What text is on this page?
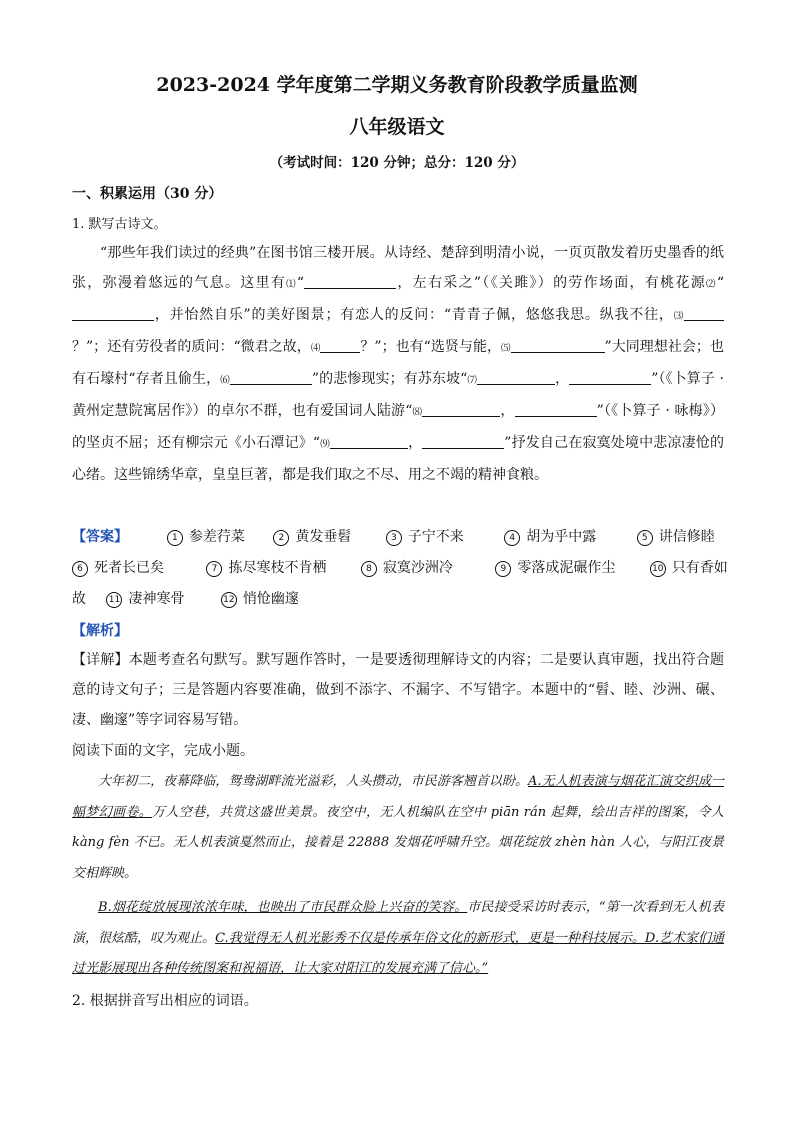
2023-2024 学年度第二学期义务教育阶段教学质量监测
八年级语文
（考试时间：120 分钟；总分：120 分）
一、积累运用（30 分）
1. 默写古诗文。
“那些年我们读过的经典”在图书馆三楼开展。从诗经、楚辞到明清小说，一页页散发着历史墨香的纸张，弥漫着悠远的气息。这里有⑴“	，左右采之”（《关雎》）的劳作场面，有桃花源⑵“，并怡然自乐”的美好图景；有恋人的反问：“青青子佩，悠悠我思。纵我不往，⑶？”；还有劳役者的质问：“微君之故，⑷	？”；也有“选贤与能，⑸	”大同理想社会；也有石壕村“存者且偷生，⑹	”的悲惨现实；有苏东坡“⑺	，	”（《卜算子 · 黄州定慧院寓居作》）的卓尔不群，也有爱国词人陆游“⑻	，	”（《卜算子 · 咏梅》）的坚贞不屈；还有柳宗元《小石潭记》“⑼	，	”抒发自己在寂寞处境中悲凉凄怆的心绪。这些锦绣华章，皇皇巨著，都是我们取之不尽、用之不竭的精神食粮。
【答案】	1 参差荇菜	2 黄发垂髫	3 子宁不来	4 胡为乎中露	5 讲信修睦
6 死者长已矣	7 拣尽寒枝不肯栖	8 寂寞沙洲冷	9 零落成泥碾作尘	10 只有香如
故	11 凄神寒骨	12 悄怆幽邃
【解析】
【详解】本题考查名句默写。默写题作答时，一是要透彻理解诗文的内容；二是要认真审题，找出符合题意的诗文句子；三是答题内容要准确，做到不添字、不漏字、不写错字。本题中的“髫、睦、沙洲、碾、凄、幽邃”等字词容易写错。
阅读下面的文字，完成小题。
大年初二，夜幕降临，鸳鸯湖畔流光溢彩，人头攒动，市民游客翘首以盼。A.无人机表演与烟花汇演交织成一幅梦幻画卷。万人空巷，共赏这盛世美景。夜空中，无人机编队在空中 piān rán 起舞，绘出吉祥的图案，令人 kàng fèn 不已。无人机表演戛然而止，接着是 22888 发烟花呼啸升空。烟花绽放 zhèn hàn 人心，与阳江夜景交相辉映。
B.烟花绽放展现浓浓年味，也映出了市民群众脸上兴奋的笑容。市民接受采访时表示，“第一次看到无人机表演，很炫酷，叹为观止。C.我觉得无人机光影秀不仅是传承年俗文化的新形式，更是一种科技展示。D.艺术家们通过光影展现出各种传统图案和祝福语，让大家对阳江的发展充满了信心。”
2. 根据拼音写出相应的词语。
